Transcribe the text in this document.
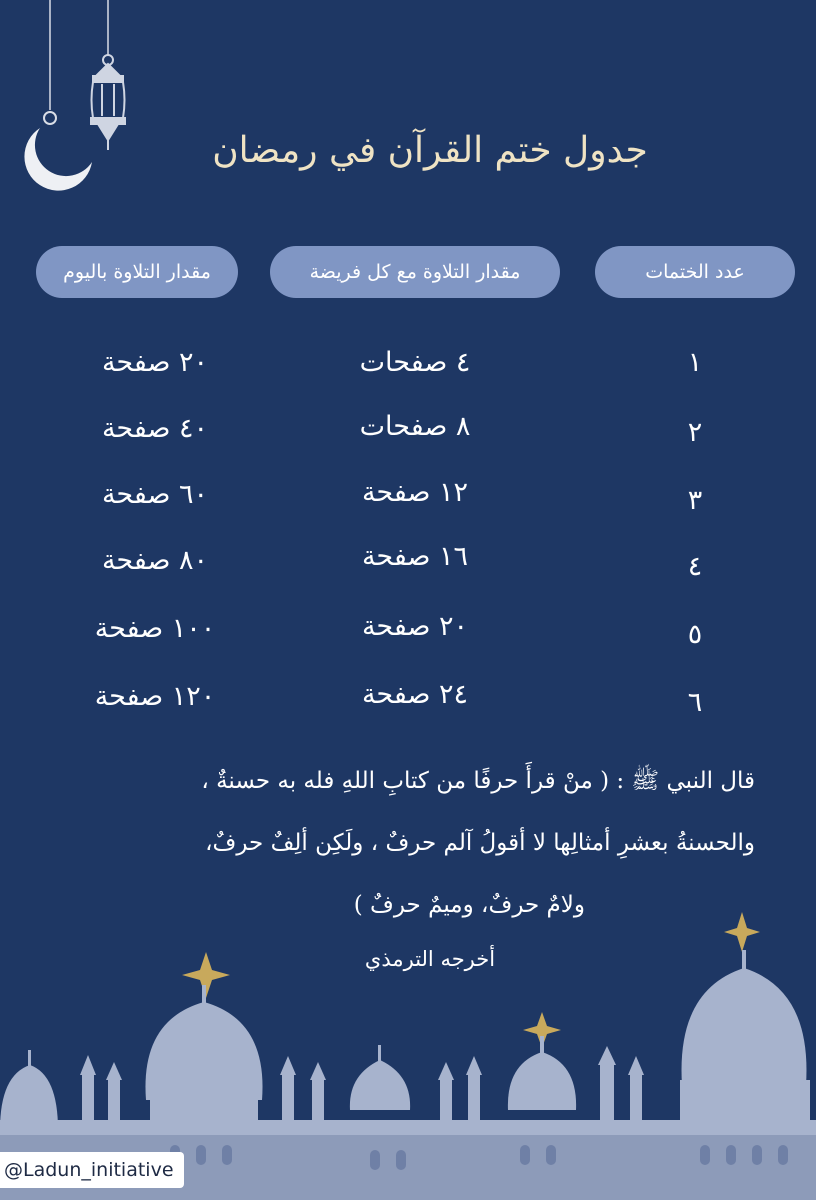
جدول ختم القرآن في رمضان
عدد الختمات
مقدار التلاوة مع كل فريضة
مقدار التلاوة باليوم
١
٤ صفحات
٢٠ صفحة
٢
٨ صفحات
٤٠ صفحة
٣
١٢ صفحة
٦٠ صفحة
٤
١٦ صفحة
٨٠ صفحة
٥
٢٠ صفحة
١٠٠ صفحة
٦
٢٤ صفحة
١٢٠ صفحة
قال النبي ﷺ : ( منْ قرأَ حرفًا من كتابِ اللهِ فله به حسنةٌ ،
والحسنةُ بعشرِ أمثالِها لا أقولُ آلم حرفٌ ، ولَكِن ألِفٌ حرفٌ،
ولامٌ حرفٌ، وميمٌ حرفٌ )
أخرجه الترمذي
@Ladun_initiative
